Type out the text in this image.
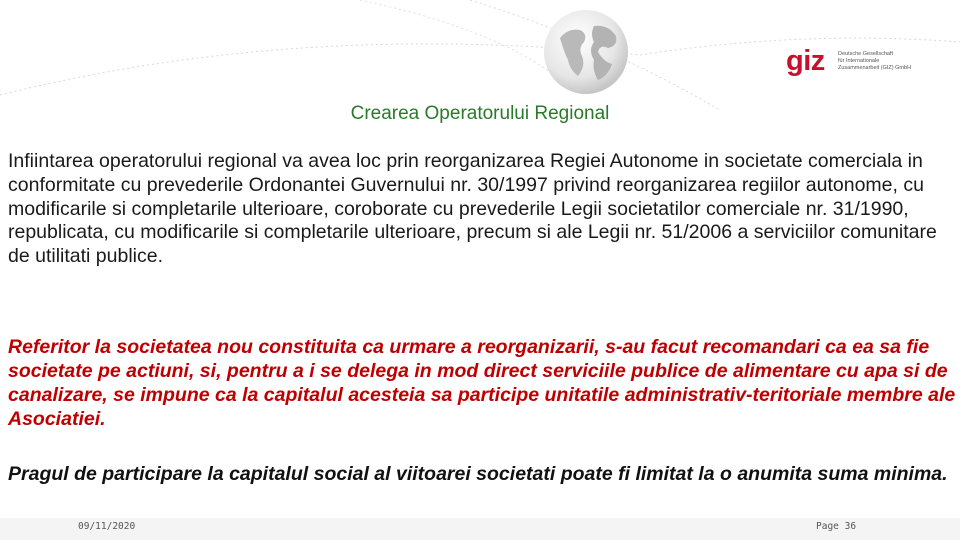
giz Deutsche Gesellschaft
für Internationale
Zusammenarbeit (GIZ) GmbH
Crearea Operatorului Regional
Infiintarea operatorului regional va avea loc prin reorganizarea Regiei Autonome in societate comerciala in conformitate cu prevederile Ordonantei Guvernului nr. 30/1997 privind reorganizarea regiilor autonome, cu modificarile si completarile ulterioare, coroborate cu prevederile Legii societatilor comerciale nr. 31/1990, republicata, cu modificarile si completarile ulterioare, precum si ale Legii nr. 51/2006 a serviciilor comunitare de utilitati publice.
Referitor la societatea nou constituita ca urmare a reorganizarii, s-au facut recomandari ca ea sa fie societate pe actiuni, si, pentru a i se delega in mod direct serviciile publice de alimentare cu apa si de canalizare, se impune ca la capitalul acesteia sa participe unitatile administrativ-teritoriale membre ale Asociatiei.
Pragul de participare la capitalul social al viitoarei societati poate fi limitat la o anumita suma minima.
09/11/2020	Page 36
